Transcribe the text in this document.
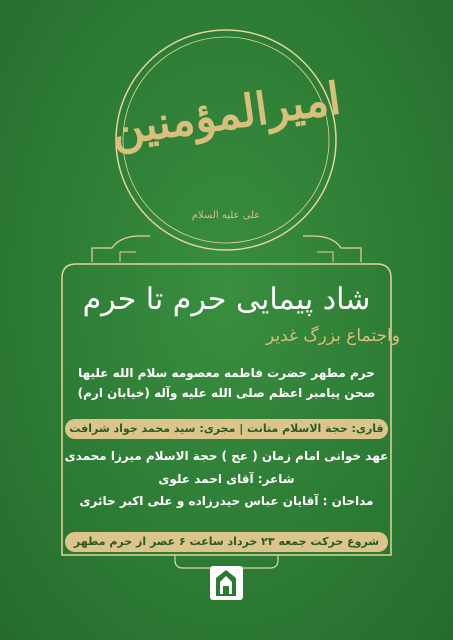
امیرالمؤمنین
علی علیه السلام
شاد پیمایی حرم تا حرم
واجتماع بزرگ غدیر
حرم مطهر حضرت فاطمه معصومه سلام الله علیها
صحن پیامبر اعظم صلی الله علیه وآله (خیابان ارم)
قاری: حجة الاسلام متانت | مجری: سید محمد جواد شرافت
عهد خوانی امام زمان ( عج ) حجة الاسلام میرزا محمدی
شاعر: آقای احمد علوی
مداحان : آقایان عباس حیدرزاده و علی اکبر حائری
شروع حرکت جمعه ۲۳ خرداد ساعت ۶ عصر از حرم مطهر
